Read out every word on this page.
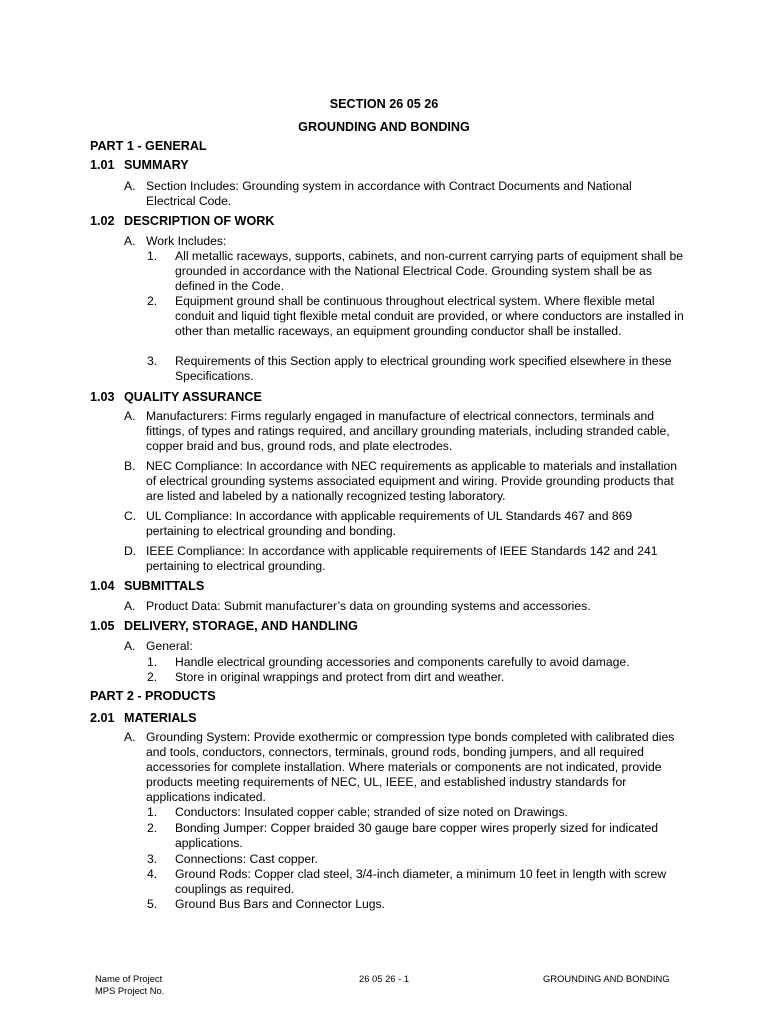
SECTION 26 05 26
GROUNDING AND BONDING
PART 1 - GENERAL
1.01 SUMMARY
A. Section Includes: Grounding system in accordance with Contract Documents and National Electrical Code.
1.02 DESCRIPTION OF WORK
A. Work Includes:
1.	All metallic raceways, supports, cabinets, and non-current carrying parts of equipment shall be grounded in accordance with the National Electrical Code. Grounding system shall be as defined in the Code.
2.	Equipment ground shall be continuous throughout electrical system. Where flexible metal conduit and liquid tight flexible metal conduit are provided, or where conductors are installed in other than metallic raceways, an equipment grounding conductor shall be installed.
3.	Requirements of this Section apply to electrical grounding work specified elsewhere in these Specifications.
1.03 QUALITY ASSURANCE
A. Manufacturers: Firms regularly engaged in manufacture of electrical connectors, terminals and fittings, of types and ratings required, and ancillary grounding materials, including stranded cable, copper braid and bus, ground rods, and plate electrodes.
B. NEC Compliance: In accordance with NEC requirements as applicable to materials and installation of electrical grounding systems associated equipment and wiring. Provide grounding products that are listed and labeled by a nationally recognized testing laboratory.
C. UL Compliance: In accordance with applicable requirements of UL Standards 467 and 869 pertaining to electrical grounding and bonding.
D. IEEE Compliance: In accordance with applicable requirements of IEEE Standards 142 and 241 pertaining to electrical grounding.
1.04 SUBMITTALS
A. Product Data: Submit manufacturer’s data on grounding systems and accessories.
1.05 DELIVERY, STORAGE, AND HANDLING
A. General:
1.	Handle electrical grounding accessories and components carefully to avoid damage.
2.	Store in original wrappings and protect from dirt and weather.
PART 2 - PRODUCTS
2.01 MATERIALS
A. Grounding System: Provide exothermic or compression type bonds completed with calibrated dies and tools, conductors, connectors, terminals, ground rods, bonding jumpers, and all required accessories for complete installation. Where materials or components are not indicated, provide products meeting requirements of NEC, UL, IEEE, and established industry standards for applications indicated.
1.	Conductors: Insulated copper cable; stranded of size noted on Drawings.
2.	Bonding Jumper: Copper braided 30 gauge bare copper wires properly sized for indicated applications.
3.	Connections: Cast copper.
4.	Ground Rods: Copper clad steel, 3/4-inch diameter, a minimum 10 feet in length with screw couplings as required.
5.	Ground Bus Bars and Connector Lugs.
Name of Project
MPS Project No.
26 05 26 - 1	GROUNDING AND BONDING
